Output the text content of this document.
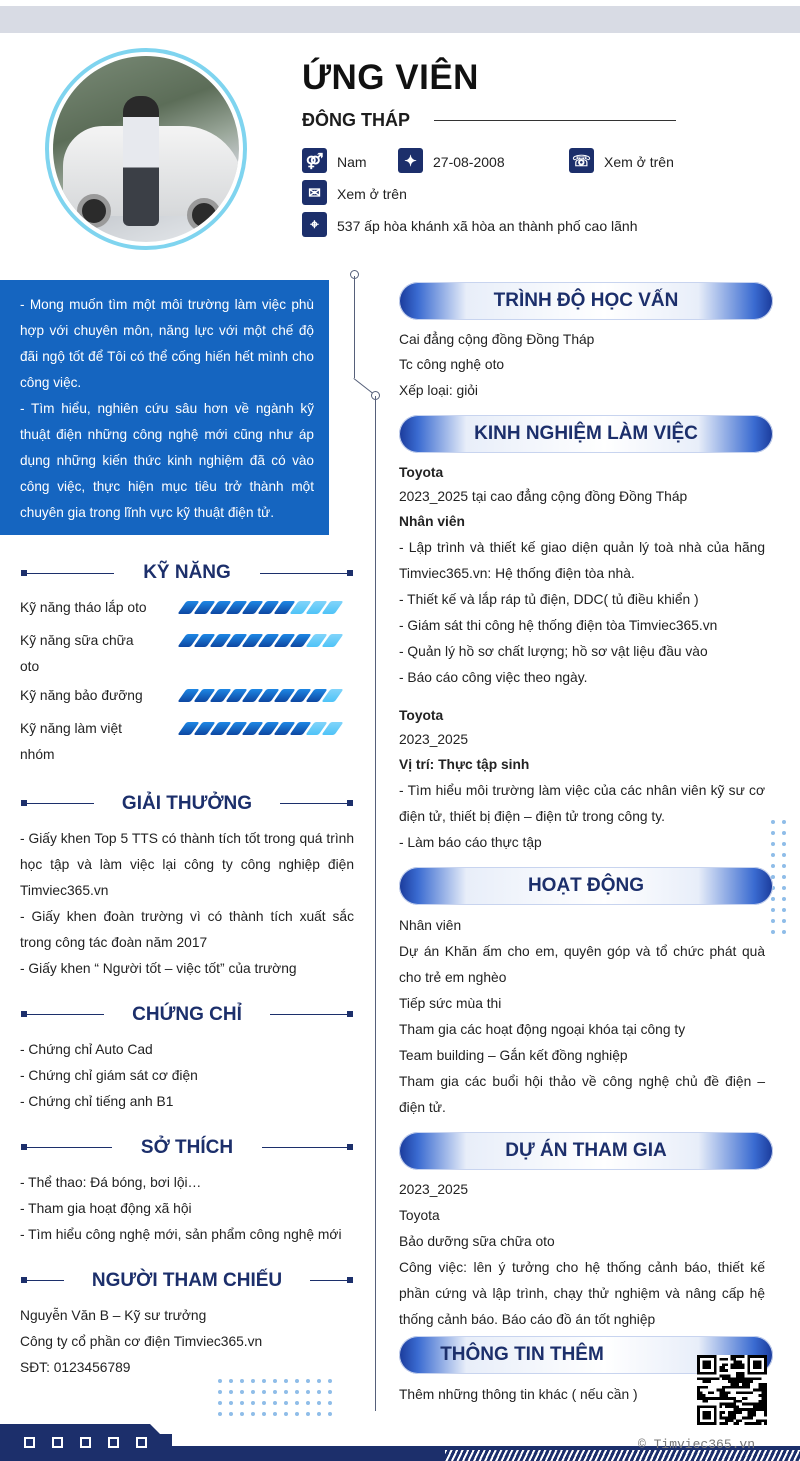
ỨNG VIÊN
ĐÔNG THÁP
⚤ Nam	✦	27-08-2008	☏ Xem ở trên
✉	Xem ở trên
⌖	537 ấp hòa khánh xã hòa an thành phố cao lãnh
- Mong muốn tìm một môi trường làm việc phù hợp với chuyên môn, năng lực với một chế độ đãi ngộ tốt để Tôi có thể cống hiến hết mình cho công việc.
- Tìm hiểu, nghiên cứu sâu hơn về ngành kỹ thuật điện những công nghệ mới cũng như áp dụng những kiến thức kinh nghiệm đã có vào công việc, thực hiện mục tiêu trở thành một chuyên gia trong lĩnh vực kỹ thuật điện tử.
KỸ NĂNG
Kỹ năng tháo lắp oto
Kỹ năng sữa chữa oto
Kỹ năng bảo đưỡng
Kỹ năng làm việt nhóm
GIẢI THƯỞNG
- Giấy khen Top 5 TTS có thành tích tốt trong quá trình học tập và làm việc lại công ty công nghiệp điện Timviec365.vn
- Giấy khen đoàn trường vì có thành tích xuất sắc trong công tác đoàn năm 2017
- Giấy khen “ Người tốt – việc tốt” của trường
CHỨNG CHỈ
- Chứng chỉ Auto Cad
- Chứng chỉ giám sát cơ điện
- Chứng chỉ tiếng anh B1
SỞ THÍCH
- Thể thao: Đá bóng, bơi lội…
- Tham gia hoạt động xã hội
- Tìm hiểu công nghệ mới, sản phẩm công nghệ mới
NGƯỜI THAM CHIẾU
Nguyễn Văn B – Kỹ sư trưởng
Công ty cổ phần cơ điện Timviec365.vn
SĐT: 0123456789
TRÌNH ĐỘ HỌC VẤN
Cai đẳng cộng đồng Đồng Tháp
Tc công nghệ oto
Xếp loại: giỏi
KINH NGHIỆM LÀM VIỆC
Toyota
2023_2025 tại cao đẳng cộng đồng Đồng Tháp
Nhân viên
- Lập trình và thiết kế giao diện quản lý toà nhà của hãng Timviec365.vn: Hệ thống điện tòa nhà.
- Thiết kế và lắp ráp tủ điện, DDC( tủ điều khiển )
- Giám sát thi công hệ thống điện tòa Timviec365.vn
- Quản lý hồ sơ chất lượng; hồ sơ vật liệu đầu vào
- Báo cáo công việc theo ngày.
Toyota
2023_2025
Vị trí: Thực tập sinh
- Tìm hiểu môi trường làm việc của các nhân viên kỹ sư cơ điện tử, thiết bị điện – điện tử trong công ty.
- Làm báo cáo thực tập
HOẠT ĐỘNG
Nhân viên
Dự án Khăn ấm cho em, quyên góp và tổ chức phát quà cho trẻ em nghèo
Tiếp sức mùa thi
Tham gia các hoạt động ngoại khóa tại công ty
Team building – Gắn kết đồng nghiệp
Tham gia các buổi hội thảo về công nghệ chủ đề điện – điện tử.
DỰ ÁN THAM GIA
2023_2025
Toyota
Bảo dưỡng sữa chữa oto
Công việc: lên ý tưởng cho hệ thống cảnh báo, thiết kế phần cứng và lập trình, chạy thử nghiệm và nâng cấp hệ thống cảnh báo. Báo cáo đồ án tốt nghiệp
THÔNG TIN THÊM
Thêm những thông tin khác ( nếu cần )
© Timviec365.vn
